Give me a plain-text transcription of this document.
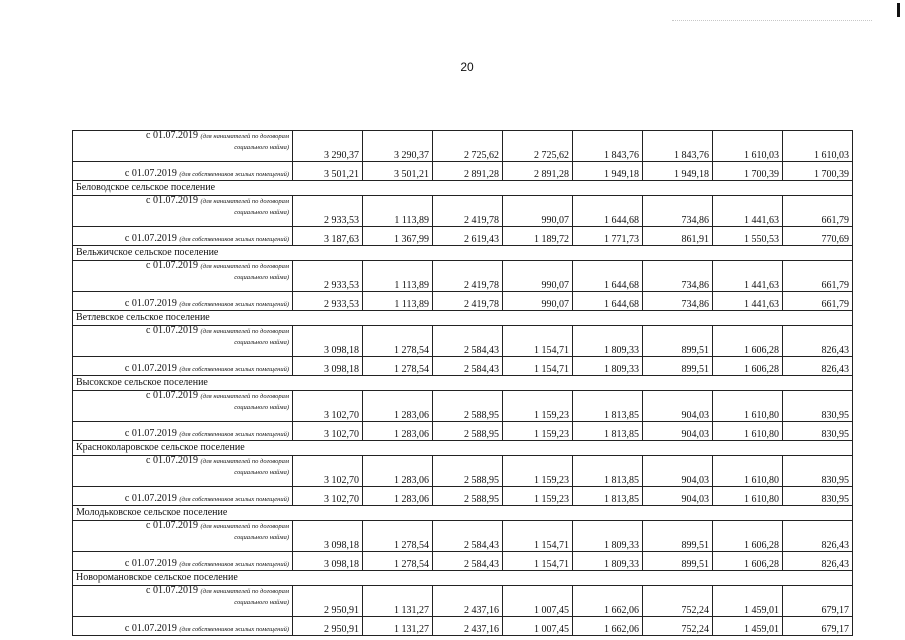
20
с 01.07.2019 (для нанимателей по договорам
социального найма)	3 290,37	3 290,37	2 725,62	2 725,62	1 843,76	1 843,76	1 610,03	1 610,03
с 01.07.2019 (для собственников жилых помещений)	3 501,21	3 501,21	2 891,28	2 891,28	1 949,18	1 949,18	1 700,39	1 700,39
Беловодское сельское поселение								
с 01.07.2019 (для нанимателей по договорам
социального найма)	2 933,53	1 113,89	2 419,78	990,07	1 644,68	734,86	1 441,63	661,79
с 01.07.2019 (для собственников жилых помещений)	3 187,63	1 367,99	2 619,43	1 189,72	1 771,73	861,91	1 550,53	770,69
Вельжичское сельское поселение								
с 01.07.2019 (для нанимателей по договорам
социального найма)	2 933,53	1 113,89	2 419,78	990,07	1 644,68	734,86	1 441,63	661,79
с 01.07.2019 (для собственников жилых помещений)	2 933,53	1 113,89	2 419,78	990,07	1 644,68	734,86	1 441,63	661,79
Ветлевское сельское поселение								
с 01.07.2019 (для нанимателей по договорам
социального найма)	3 098,18	1 278,54	2 584,43	1 154,71	1 809,33	899,51	1 606,28	826,43
с 01.07.2019 (для собственников жилых помещений)	3 098,18	1 278,54	2 584,43	1 154,71	1 809,33	899,51	1 606,28	826,43
Высокское сельское поселение								
с 01.07.2019 (для нанимателей по договорам
социального найма)	3 102,70	1 283,06	2 588,95	1 159,23	1 813,85	904,03	1 610,80	830,95
с 01.07.2019 (для собственников жилых помещений)	3 102,70	1 283,06	2 588,95	1 159,23	1 813,85	904,03	1 610,80	830,95
Красноколаровское сельское поселение								
с 01.07.2019 (для нанимателей по договорам
социального найма)	3 102,70	1 283,06	2 588,95	1 159,23	1 813,85	904,03	1 610,80	830,95
с 01.07.2019 (для собственников жилых помещений)	3 102,70	1 283,06	2 588,95	1 159,23	1 813,85	904,03	1 610,80	830,95
Молодьковское сельское поселение								
с 01.07.2019 (для нанимателей по договорам
социального найма)	3 098,18	1 278,54	2 584,43	1 154,71	1 809,33	899,51	1 606,28	826,43
с 01.07.2019 (для собственников жилых помещений)	3 098,18	1 278,54	2 584,43	1 154,71	1 809,33	899,51	1 606,28	826,43
Новоромановское сельское поселение								
с 01.07.2019 (для нанимателей по договорам
социального найма)	2 950,91	1 131,27	2 437,16	1 007,45	1 662,06	752,24	1 459,01	679,17
с 01.07.2019 (для собственников жилых помещений)	2 950,91	1 131,27	2 437,16	1 007,45	1 662,06	752,24	1 459,01	679,17
